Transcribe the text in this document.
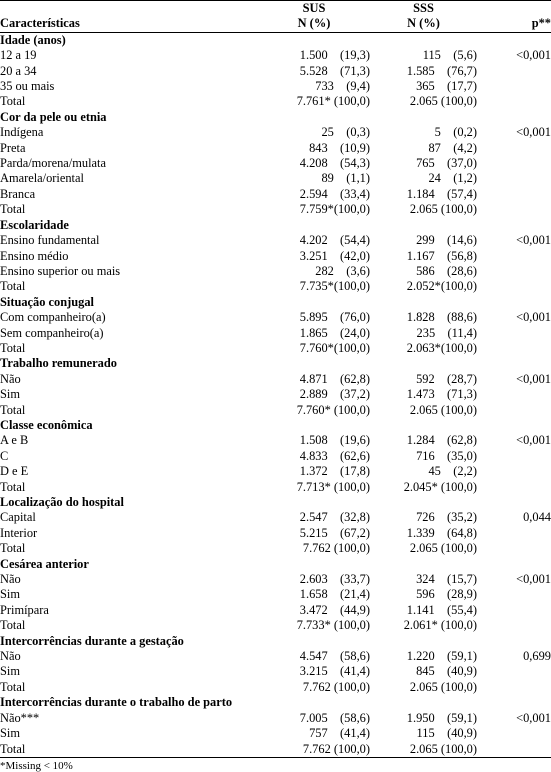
	SUS	SSS	
Características	N (%)	N (%)	p**
Idade (anos)			
12 a 19	1.500    (19,3)	115    (5,6)	<0,001
20 a 34	5.528    (71,3)	1.585    (76,7)	
35 ou mais	733    (9,4)	365    (17,7)	
Total	7.761* (100,0)	2.065 (100,0)	
Cor da pele ou etnia			
Indígena	25    (0,3)	5    (0,2)	<0,001
Preta	843    (10,9)	87    (4,2)	
Parda/morena/mulata	4.208    (54,3)	765    (37,0)	
Amarela/oriental	89    (1,1)	24    (1,2)	
Branca	2.594    (33,4)	1.184    (57,4)	
Total	7.759*(100,0)	2.065 (100,0)	
Escolaridade			
Ensino fundamental	4.202    (54,4)	299    (14,6)	<0,001
Ensino médio	3.251    (42,0)	1.167    (56,8)	
Ensino superior ou mais	282    (3,6)	586    (28,6)	
Total	7.735*(100,0)	2.052*(100,0)	
Situação conjugal			
Com companheiro(a)	5.895    (76,0)	1.828    (88,6)	<0,001
Sem companheiro(a)	1.865    (24,0)	235    (11,4)	
Total	7.760*(100,0)	2.063*(100,0)	
Trabalho remunerado			
Não	4.871    (62,8)	592    (28,7)	<0,001
Sim	2.889    (37,2)	1.473    (71,3)	
Total	7.760* (100,0)	2.065 (100,0)	
Classe econômica			
A e B	1.508    (19,6)	1.284    (62,8)	<0,001
C	4.833    (62,6)	716    (35,0)	
D e E	1.372    (17,8)	45    (2,2)	
Total	7.713* (100,0)	2.045* (100,0)	
Localização do hospital			
Capital	2.547    (32,8)	726    (35,2)	0,044
Interior	5.215    (67,2)	1.339    (64,8)	
Total	7.762 (100,0)	2.065 (100,0)	
Cesárea anterior			
Não	2.603    (33,7)	324    (15,7)	<0,001
Sim	1.658    (21,4)	596    (28,9)	
Primípara	3.472    (44,9)	1.141    (55,4)	
Total	7.733* (100,0)	2.061* (100,0)	
Intercorrências durante a gestação			
Não	4.547    (58,6)	1.220    (59,1)	0,699
Sim	3.215    (41,4)	845    (40,9)	
Total	7.762 (100,0)	2.065 (100,0)	
Intercorrências durante o trabalho de parto			
Não***	7.005    (58,6)	1.950    (59,1)	<0,001
Sim	757    (41,4)	115    (40,9)	
Total	7.762 (100,0)	2.065 (100,0)	
*Missing < 10%
